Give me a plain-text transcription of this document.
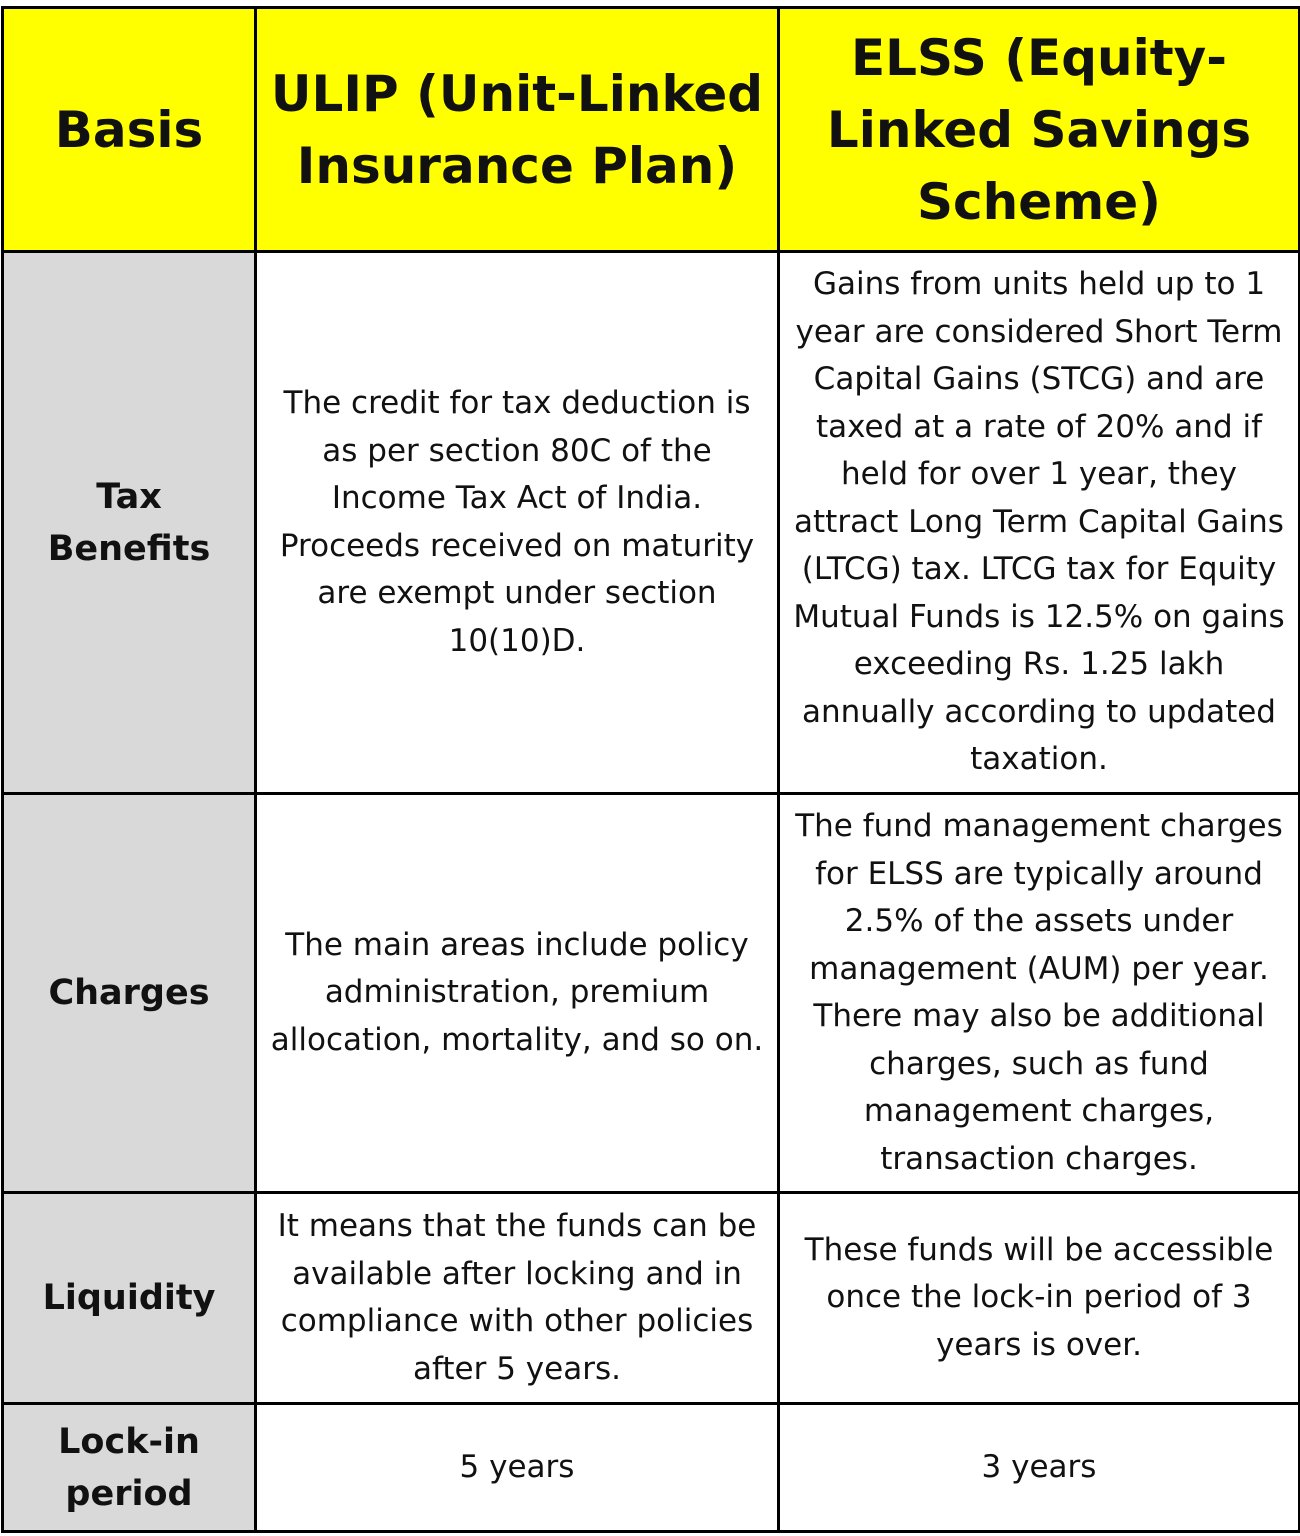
Basis	ULIP (Unit-Linked Insurance Plan)	ELSS (Equity-Linked Savings Scheme)
Tax Benefits	The credit for tax deduction is as per section 80C of the Income Tax Act of India. Proceeds received on maturity are exempt under section 10(10)D.	Gains from units held up to 1 year are considered Short Term Capital Gains (STCG) and are taxed at a rate of 20% and if held for over 1 year, they attract Long Term Capital Gains (LTCG) tax. LTCG tax for Equity Mutual Funds is 12.5% on gains exceeding Rs. 1.25 lakh annually according to updated taxation.
Charges	The main areas include policy administration, premium allocation, mortality, and so on.	The fund management charges for ELSS are typically around 2.5% of the assets under management (AUM) per year. There may also be additional charges, such as fund management charges, transaction charges.
Liquidity	It means that the funds can be available after locking and in compliance with other policies after 5 years.	These funds will be accessible once the lock-in period of 3 years is over.
Lock-in period	5 years	3 years
